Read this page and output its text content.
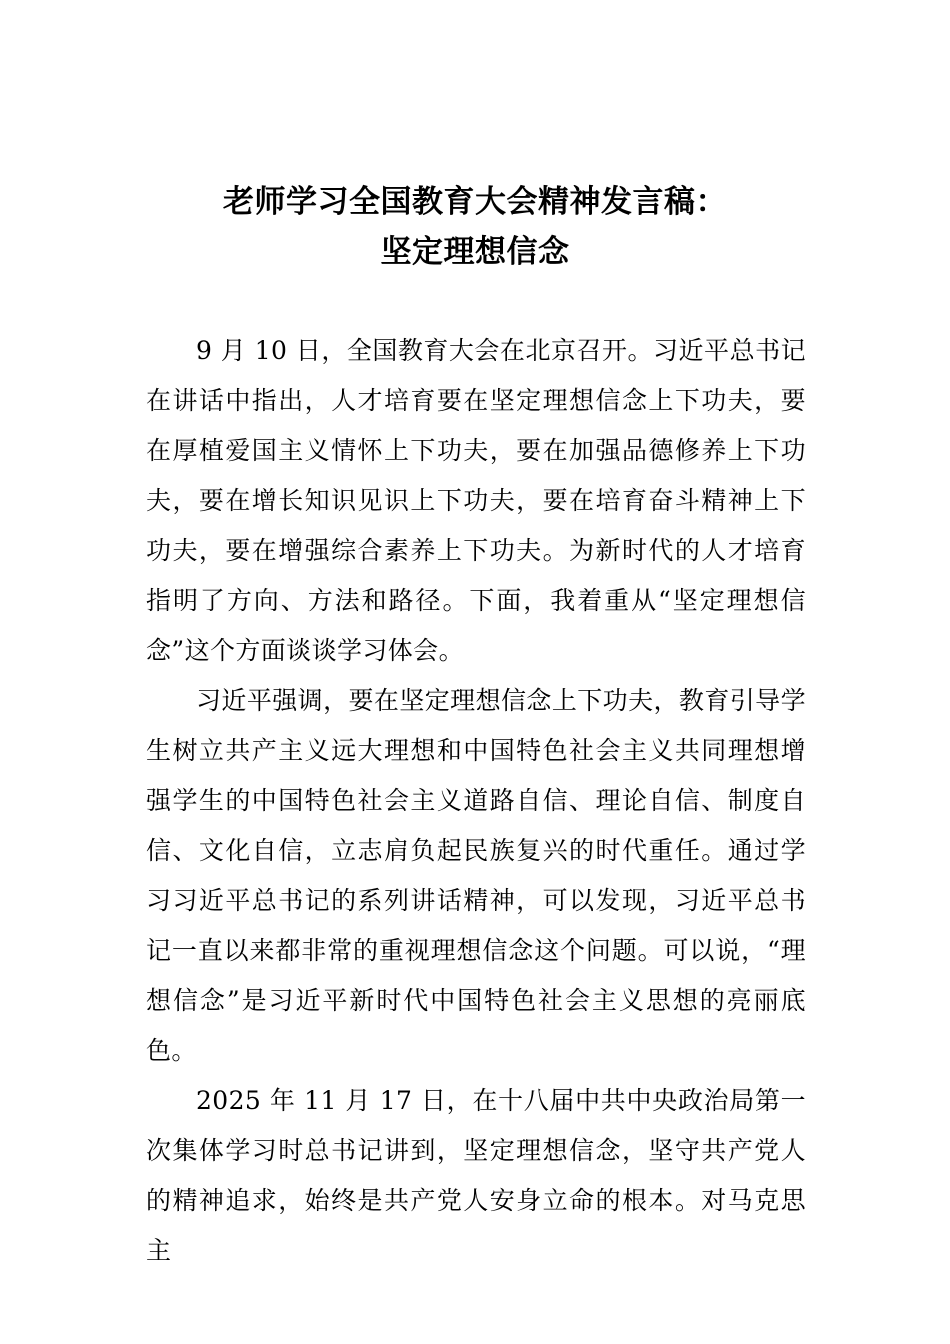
老师学习全国教育大会精神发言稿：
坚定理想信念

9 月 10 日，全国教育大会在北京召开。习近平总书记在讲话中指出，人才培育要在坚定理想信念上下功夫，要在厚植爱国主义情怀上下功夫，要在加强品德修养上下功夫，要在增长知识见识上下功夫，要在培育奋斗精神上下功夫，要在增强综合素养上下功夫。为新时代的人才培育指明了方向、方法和路径。下面，我着重从“坚定理想信念”这个方面谈谈学习体会。

习近平强调，要在坚定理想信念上下功夫，教育引导学生树立共产主义远大理想和中国特色社会主义共同理想增强学生的中国特色社会主义道路自信、理论自信、制度自信、文化自信，立志肩负起民族复兴的时代重任。通过学习习近平总书记的系列讲话精神，可以发现，习近平总书记一直以来都非常的重视理想信念这个问题。可以说，“理想信念”是习近平新时代中国特色社会主义思想的亮丽底色。

2025 年 11 月 17 日，在十八届中共中央政治局第一次集体学习时总书记讲到，坚定理想信念，坚守共产党人的精神追求，始终是共产党人安身立命的根本。对马克思主
